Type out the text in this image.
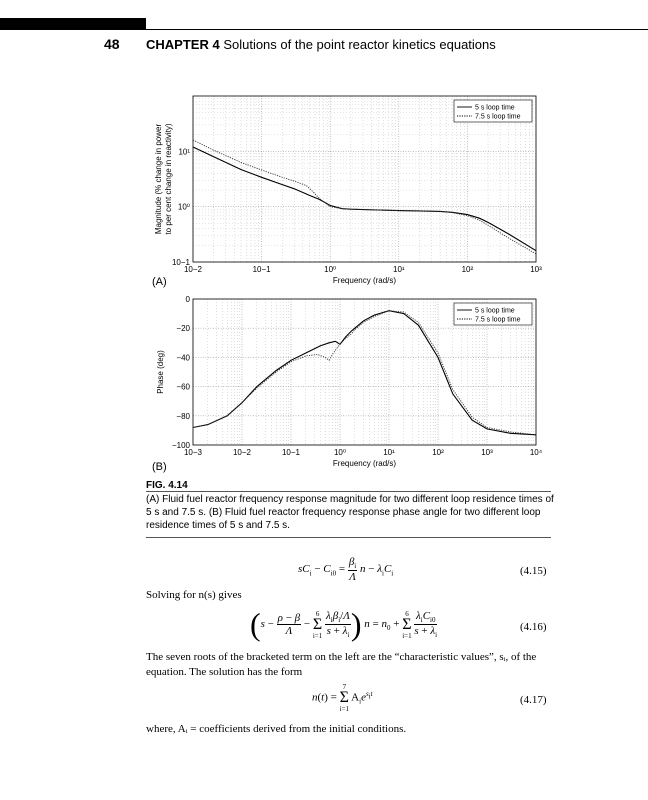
48 CHAPTER 4 Solutions of the point reactor kinetics equations
10−2	10−1	10⁰	10¹	10²	10³
10−1
10⁰
10¹
5 s loop time
7.5 s loop time
Frequency (rad/s)
Magnitude (% change in power to per cent change in reactivity)
10−3	10−2	10−1	10⁰	10¹	10²	10³	10⁴
0
−20
−40
−60
−80
−100
5 s loop time
7.5 s loop time
Frequency (rad/s)
Phase (deg)
(A)
(B)
FIG. 4.14
(A) Fluid fuel reactor frequency response magnitude for two different loop residence times of 5 s and 7.5 s. (B) Fluid fuel reactor frequency response phase angle for two different loop residence times of 5 s and 7.5 s.
$sC_i - C_{i0} = \frac{\beta_i}{\Lambda}$ $n - \lambda_iC_i$	(4.15)
Solving for n(s) gives
($s - \frac{\rho - \beta}{\Lambda}$ −
6
Σ
i=1
$\frac{\lambda_i\beta_i/\Lambda}{s + \lambda_i}$ ) $n = n_0$ +
6
Σ
i=1
$\frac{\lambda_iC_{i0}}{s + \lambda_i}$	(4.16)
The seven roots of the bracketed term on the left are the “characteristic values”, sᵢ, of the equation. The solution has the form
n(t) =
7
Σ
i=1
$A_ie^{s_it}$
(4.17)
where, Aᵢ = coefficients derived from the initial conditions.
